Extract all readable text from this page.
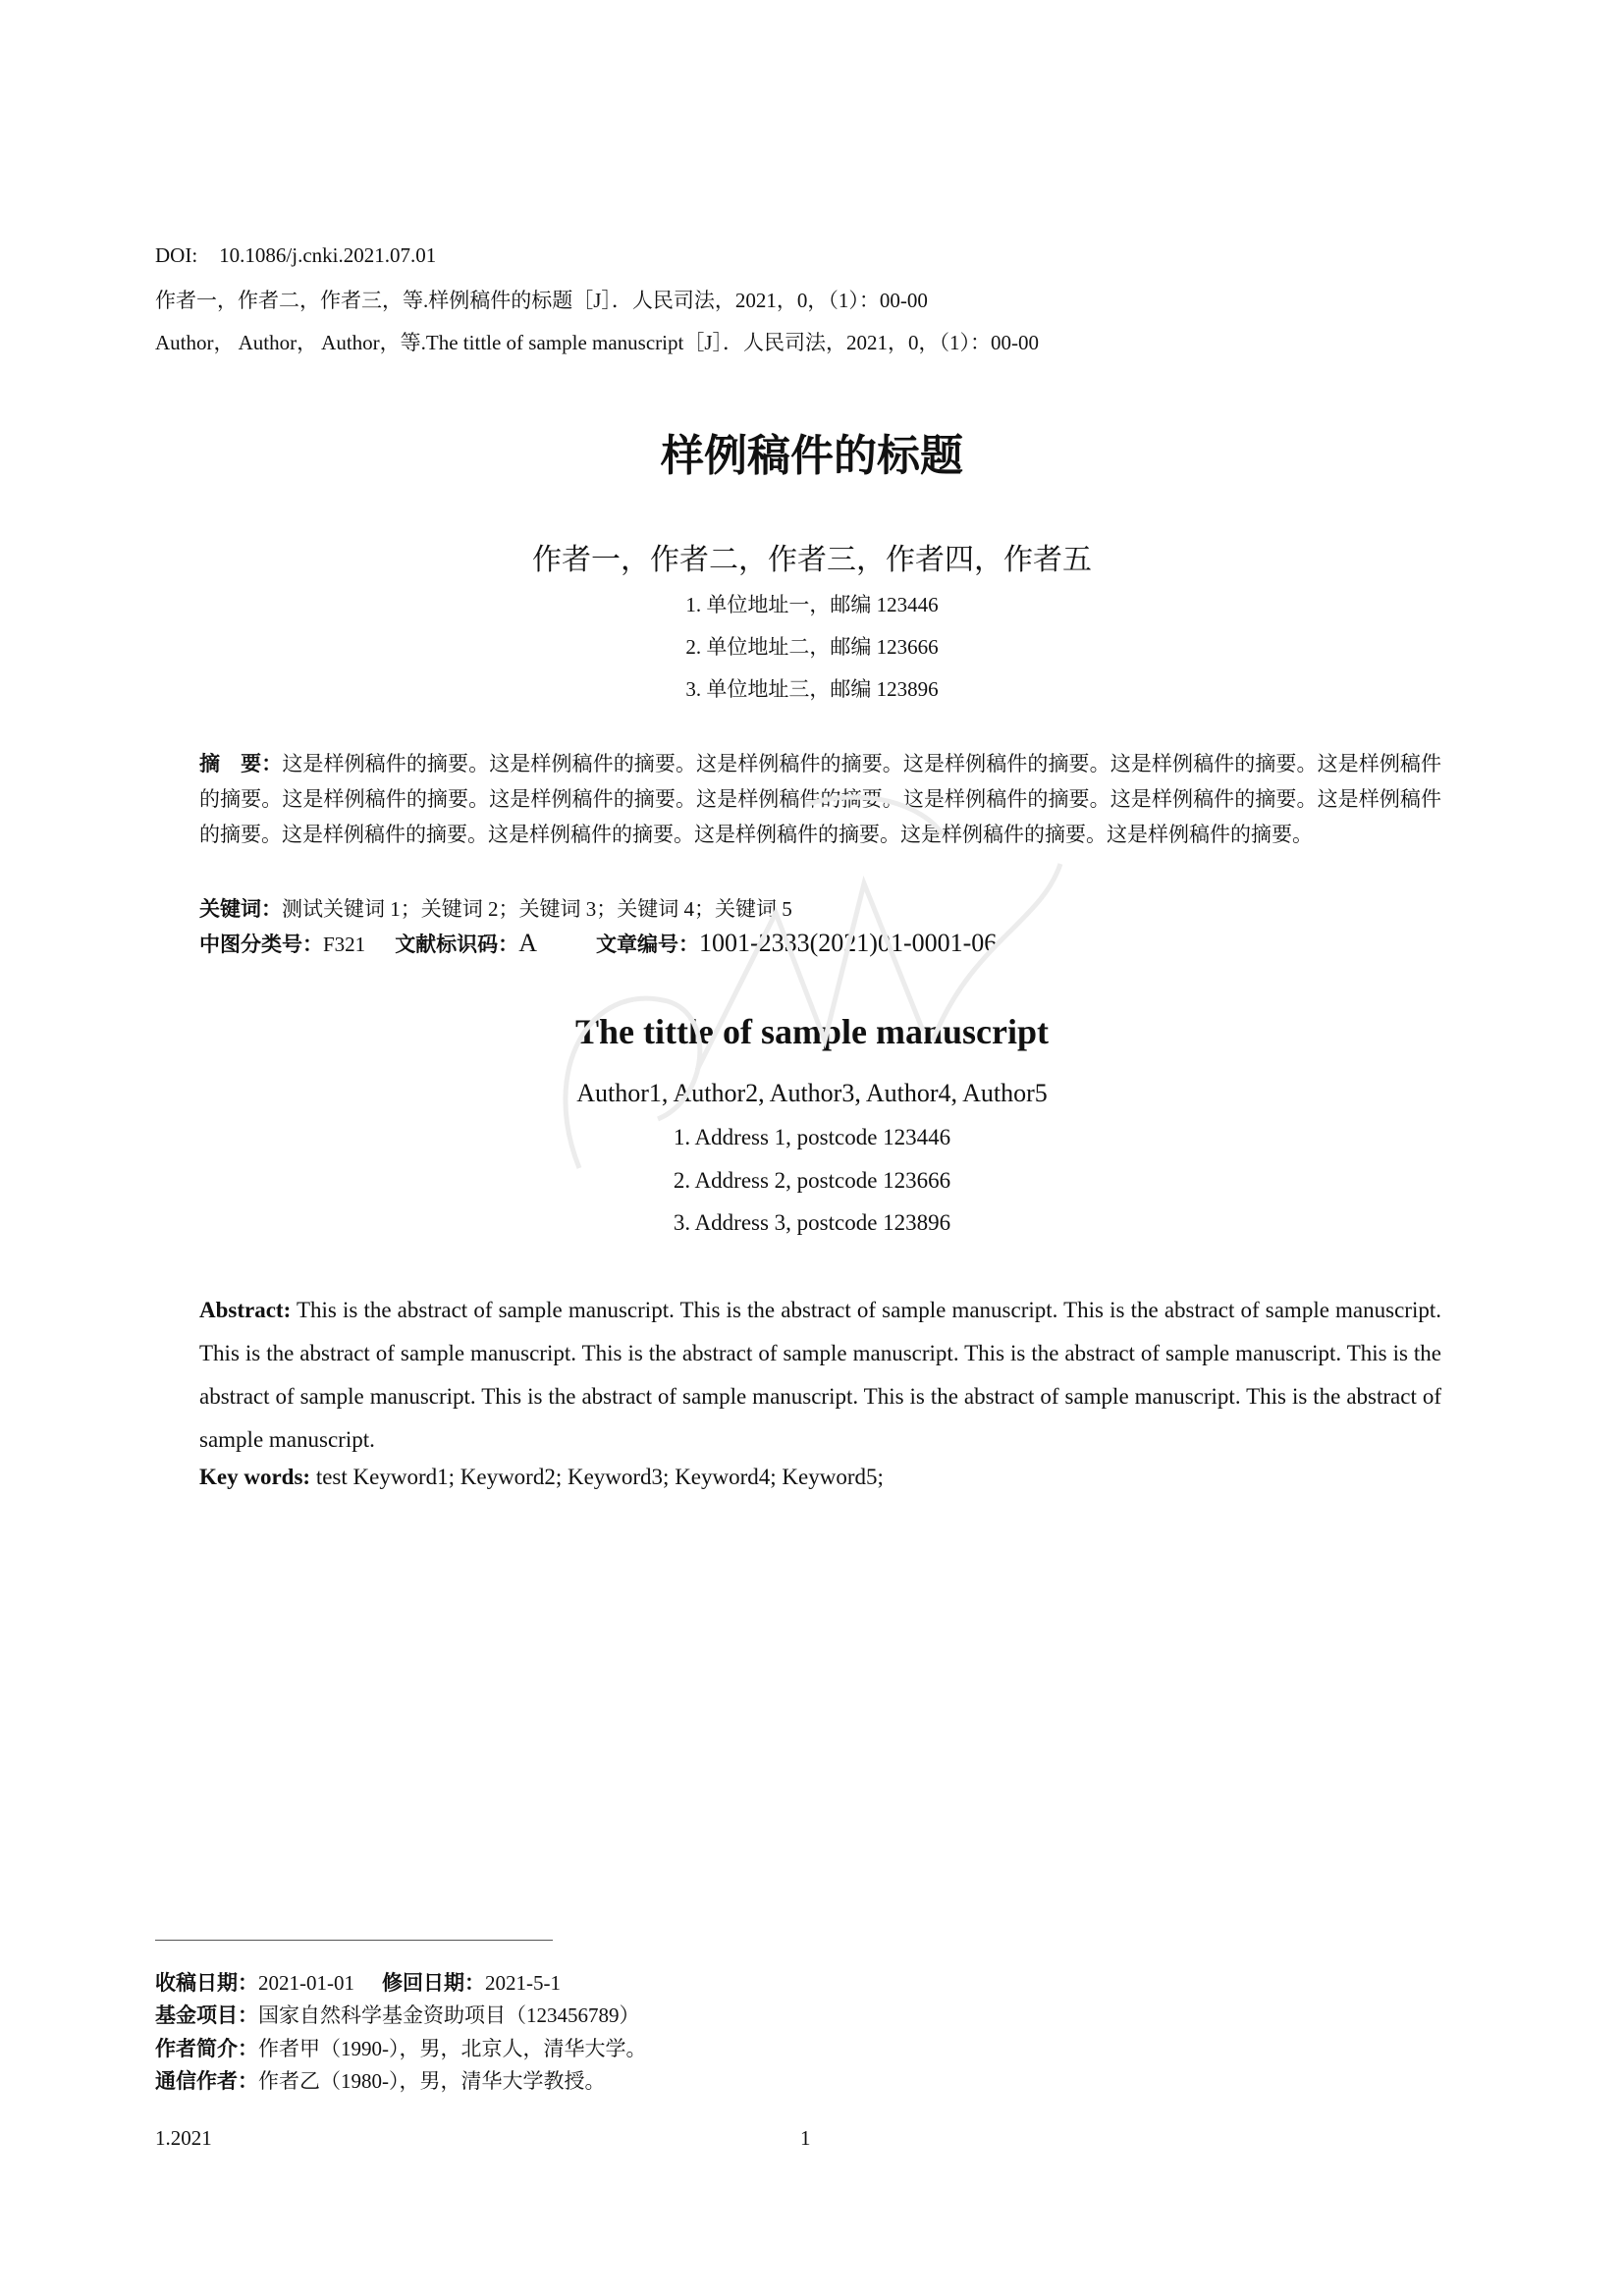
DOI: 10.1086/j.cnki.2021.07.01
作者一，作者二，作者三，等.样例稿件的标题［J］．人民司法，2021，0，（1）：00-00
Author， Author， Author，等.The tittle of sample manuscript［J］．人民司法，2021，0，（1）：00-00
样例稿件的标题
作者一，作者二，作者三，作者四，作者五
1. 单位地址一，邮编 123446
2. 单位地址二，邮编 123666
3. 单位地址三，邮编 123896
摘　要：这是样例稿件的摘要。这是样例稿件的摘要。这是样例稿件的摘要。这是样例稿件的摘要。这是样例稿件的摘要。这是样例稿件的摘要。这是样例稿件的摘要。这是样例稿件的摘要。这是样例稿件的摘要。这是样例稿件的摘要。这是样例稿件的摘要。这是样例稿件的摘要。这是样例稿件的摘要。这是样例稿件的摘要。这是样例稿件的摘要。这是样例稿件的摘要。这是样例稿件的摘要。
关键词：测试关键词 1；关键词 2；关键词 3；关键词 4；关键词 5
中图分类号：F321 文献标识码：A	文章编号：1001-2333(2021)01-0001-06
The tittle of sample manuscript
Author1, Author2, Author3, Author4, Author5
1. Address 1, postcode 123446
2. Address 2, postcode 123666
3. Address 3, postcode 123896
Abstract: This is the abstract of sample manuscript. This is the abstract of sample manuscript. This is the abstract of sample manuscript. This is the abstract of sample manuscript. This is the abstract of sample manuscript. This is the abstract of sample manuscript. This is the abstract of sample manuscript. This is the abstract of sample manuscript. This is the abstract of sample manuscript. This is the abstract of sample manuscript.
Key words: test Keyword1; Keyword2; Keyword3; Keyword4; Keyword5;
收稿日期：2021-01-01 修回日期：2021-5-1
基金项目：国家自然科学基金资助项目（123456789）
作者简介：作者甲（1990-），男，北京人，清华大学。
通信作者：作者乙（1980-），男，清华大学教授。
1.2021	1
